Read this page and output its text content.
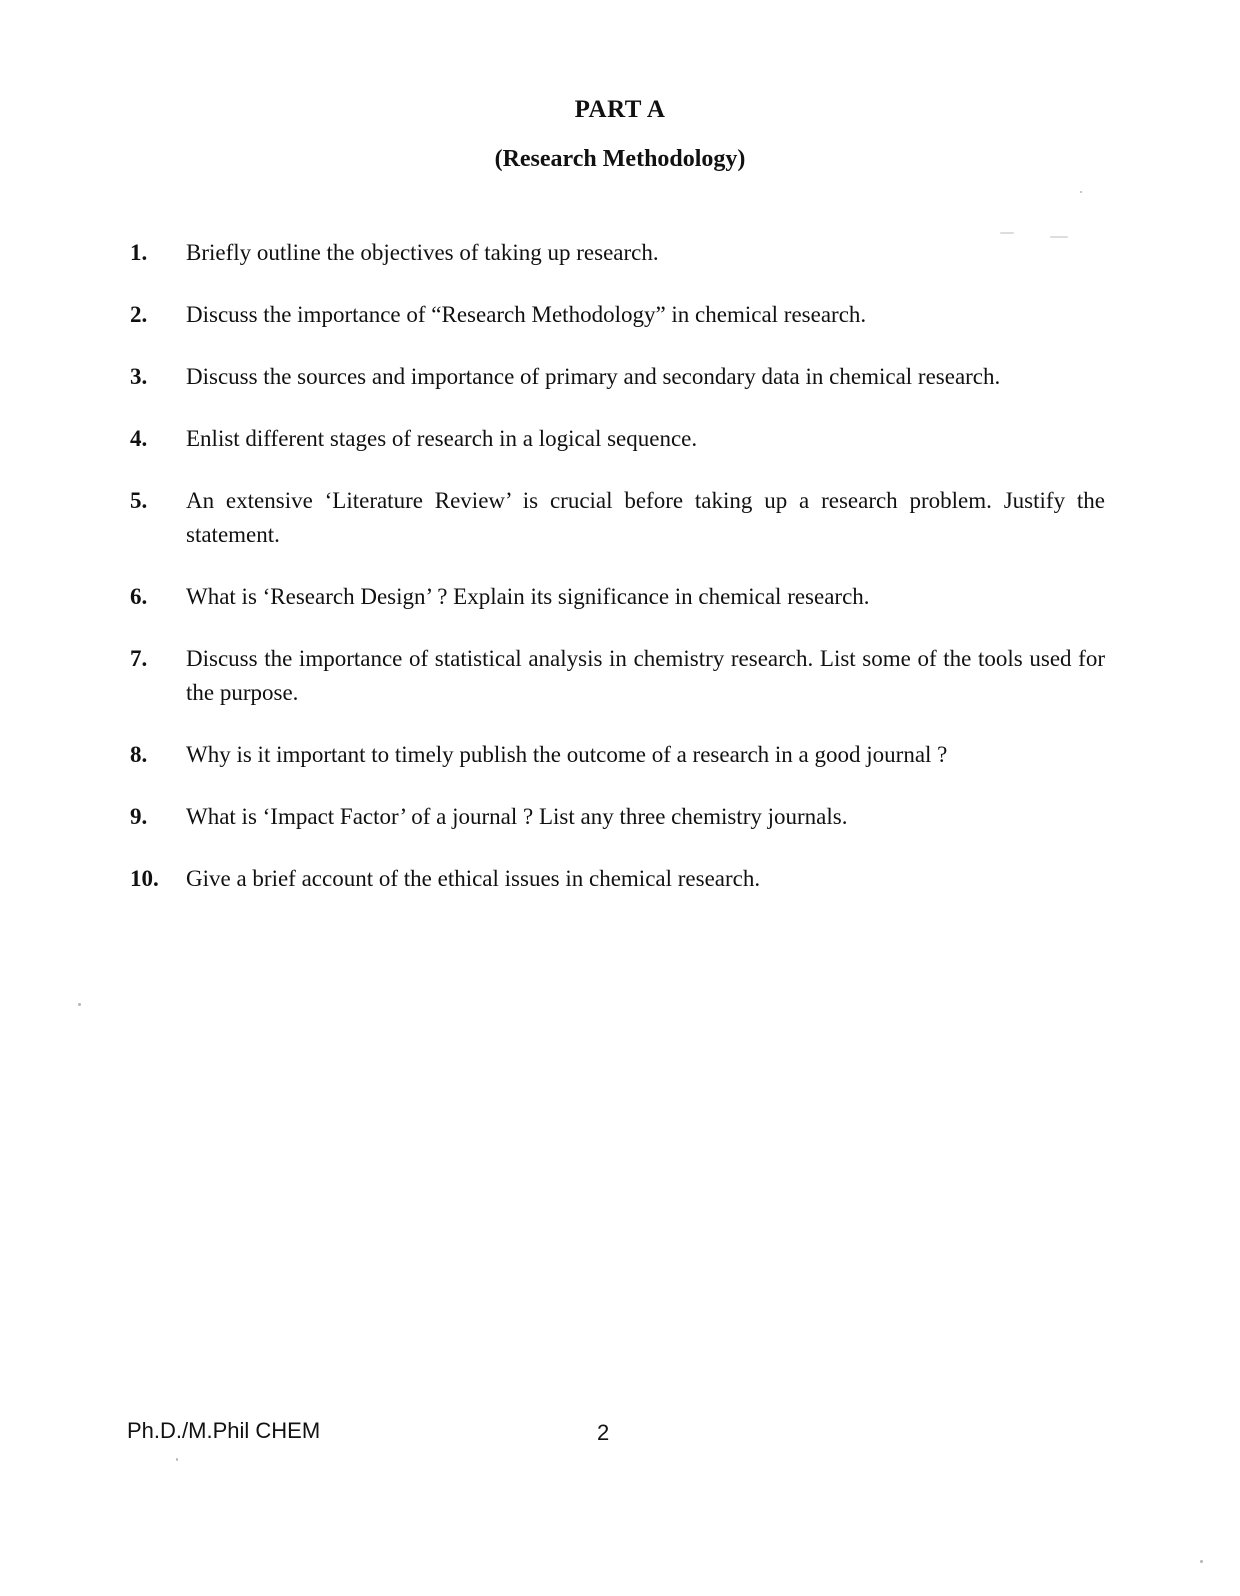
PART A
(Research Methodology)
1. Briefly outline the objectives of taking up research.
2. Discuss the importance of “Research Methodology” in chemical research.
3. Discuss the sources and importance of primary and secondary data in chemical research.
4. Enlist different stages of research in a logical sequence.
5. An extensive ‘Literature Review’ is crucial before taking up a research problem. Justify the statement.
6. What is ‘Research Design’ ? Explain its significance in chemical research.
7. Discuss the importance of statistical analysis in chemistry research. List some of the tools used for the purpose.
8. Why is it important to timely publish the outcome of a research in a good journal ?
9. What is ‘Impact Factor’ of a journal ? List any three chemistry journals.
10. Give a brief account of the ethical issues in chemical research.
Ph.D./M.Phil CHEM	2
